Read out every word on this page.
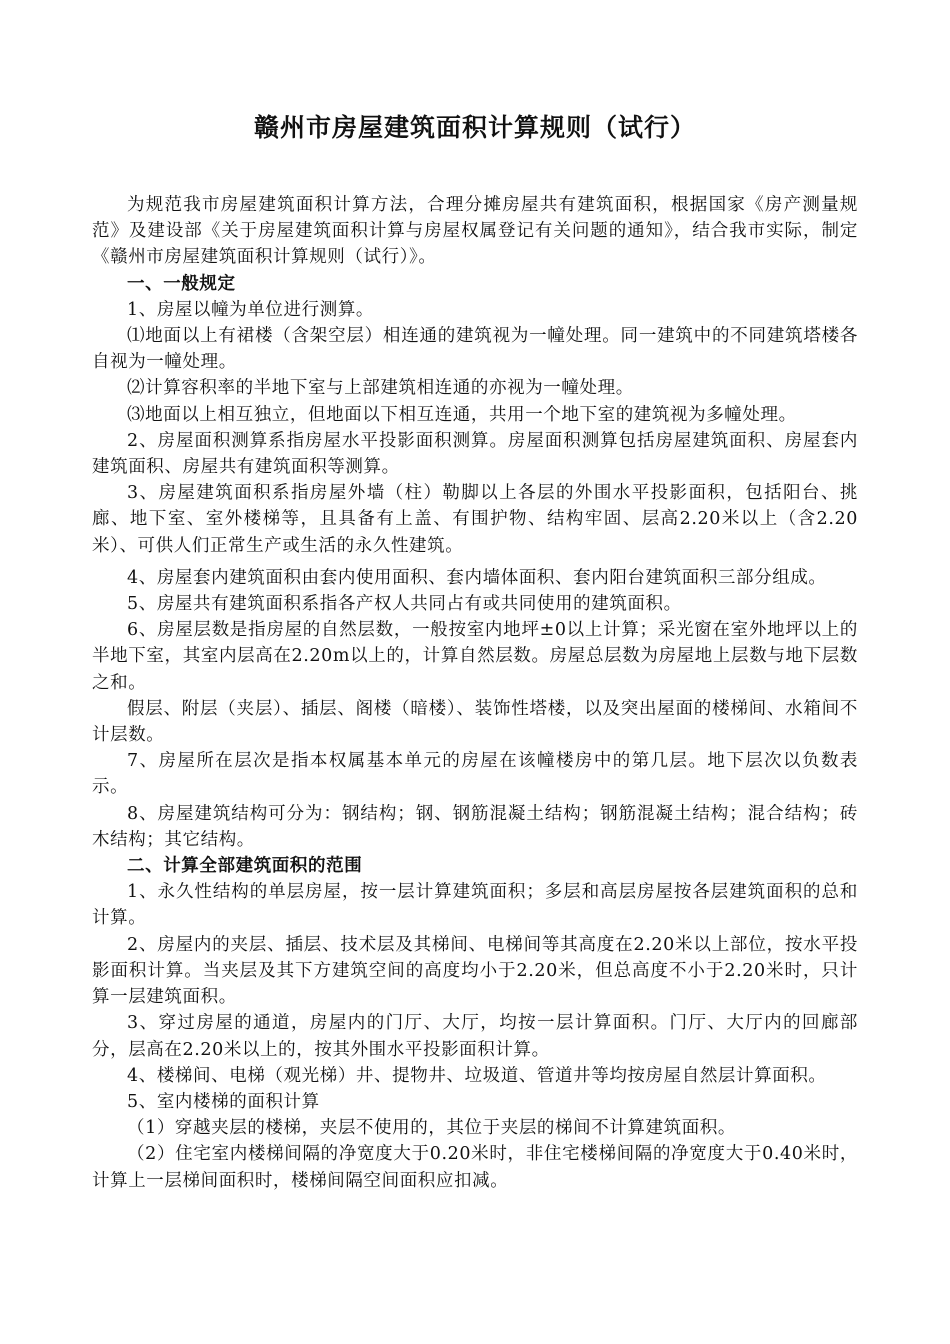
赣州市房屋建筑面积计算规则（试行）

为规范我市房屋建筑面积计算方法，合理分摊房屋共有建筑面积，根据国家《房产测量规范》及建设部《关于房屋建筑面积计算与房屋权属登记有关问题的通知》，结合我市实际，制定《赣州市房屋建筑面积计算规则（试行）》。

一、一般规定

1、房屋以幢为单位进行测算。

⑴地面以上有裙楼（含架空层）相连通的建筑视为一幢处理。同一建筑中的不同建筑塔楼各自视为一幢处理。

⑵计算容积率的半地下室与上部建筑相连通的亦视为一幢处理。

⑶地面以上相互独立，但地面以下相互连通，共用一个地下室的建筑视为多幢处理。

2、房屋面积测算系指房屋水平投影面积测算。房屋面积测算包括房屋建筑面积、房屋套内建筑面积、房屋共有建筑面积等测算。

3、房屋建筑面积系指房屋外墙（柱）勒脚以上各层的外围水平投影面积，包括阳台、挑廊、地下室、室外楼梯等，且具备有上盖、有围护物、结构牢固、层高2.20米以上（含2.20米）、可供人们正常生产或生活的永久性建筑。

4、房屋套内建筑面积由套内使用面积、套内墙体面积、套内阳台建筑面积三部分组成。

5、房屋共有建筑面积系指各产权人共同占有或共同使用的建筑面积。

6、房屋层数是指房屋的自然层数，一般按室内地坪±0以上计算；采光窗在室外地坪以上的半地下室，其室内层高在2.20m以上的，计算自然层数。房屋总层数为房屋地上层数与地下层数之和。

假层、附层（夹层）、插层、阁楼（暗楼）、装饰性塔楼，以及突出屋面的楼梯间、水箱间不计层数。

7、房屋所在层次是指本权属基本单元的房屋在该幢楼房中的第几层。地下层次以负数表示。

8、房屋建筑结构可分为：钢结构；钢、钢筋混凝土结构；钢筋混凝土结构；混合结构；砖木结构；其它结构。

二、计算全部建筑面积的范围

1、永久性结构的单层房屋，按一层计算建筑面积；多层和高层房屋按各层建筑面积的总和计算。

2、房屋内的夹层、插层、技术层及其梯间、电梯间等其高度在2.20米以上部位，按水平投影面积计算。当夹层及其下方建筑空间的高度均小于2.20米，但总高度不小于2.20米时，只计算一层建筑面积。

3、穿过房屋的通道，房屋内的门厅、大厅，均按一层计算面积。门厅、大厅内的回廊部分，层高在2.20米以上的，按其外围水平投影面积计算。

4、楼梯间、电梯（观光梯）井、提物井、垃圾道、管道井等均按房屋自然层计算面积。

5、室内楼梯的面积计算

（1）穿越夹层的楼梯，夹层不使用的，其位于夹层的梯间不计算建筑面积。

（2）住宅室内楼梯间隔的净宽度大于0.20米时，非住宅楼梯间隔的净宽度大于0.40米时，计算上一层梯间面积时，楼梯间隔空间面积应扣减。
